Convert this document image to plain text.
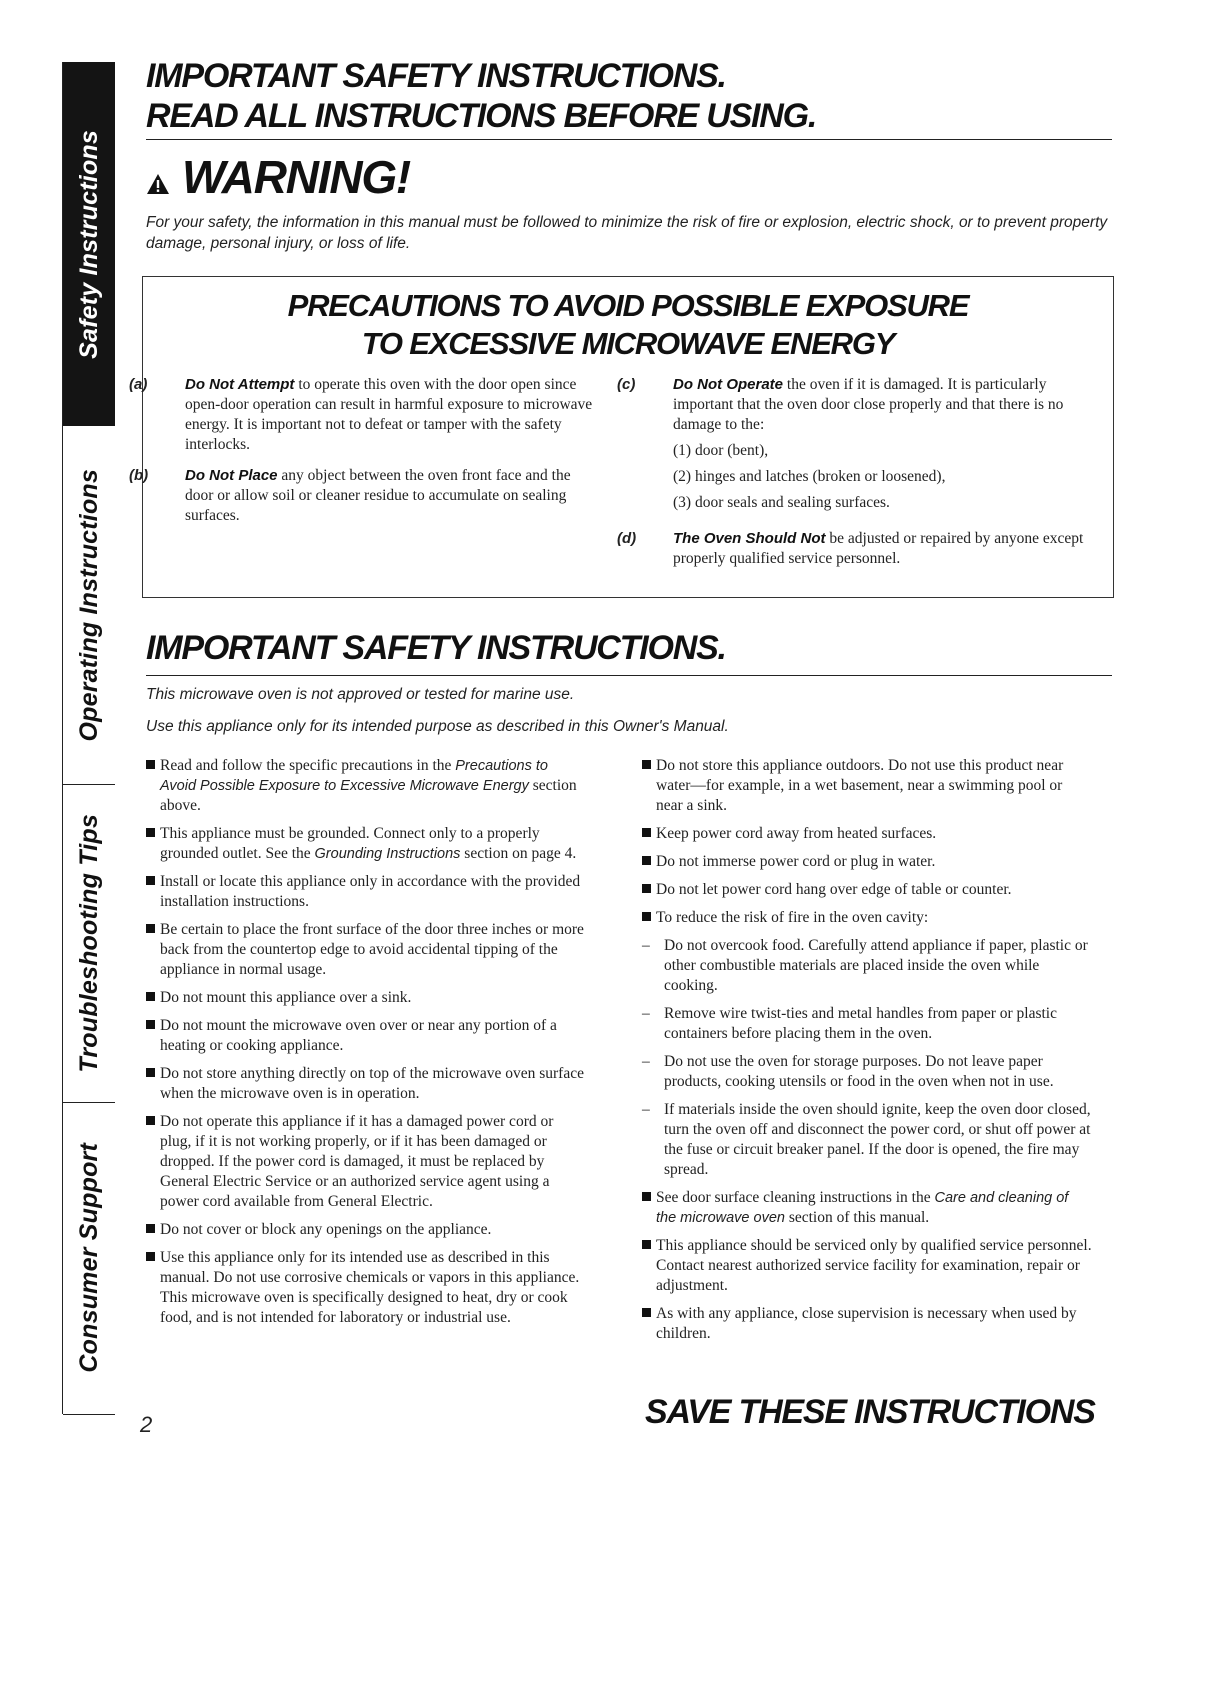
Safety Instructions
Operating Instructions
Troubleshooting Tips
Consumer Support
IMPORTANT SAFETY INSTRUCTIONS.
READ ALL INSTRUCTIONS BEFORE USING.
WARNING!
For your safety, the information in this manual must be followed to minimize the risk of fire or explosion, electric shock, or to prevent property damage, personal injury, or loss of life.
PRECAUTIONS TO AVOID POSSIBLE EXPOSURE
TO EXCESSIVE MICROWAVE ENERGY
(a)	Do Not Attempt to operate this oven with the door open since open-door operation can result in harmful exposure to microwave energy. It is important not to defeat or tamper with the safety interlocks.
(b) Do Not Place any object between the oven front face and the door or allow soil or cleaner residue to accumulate on sealing surfaces.
(c)	Do Not Operate the oven if it is damaged. It is particularly important that the oven door close properly and that there is no damage to the:
(1) door (bent),
(2) hinges and latches (broken or loosened),
(3) door seals and sealing surfaces.
(d) The Oven Should Not be adjusted or repaired by anyone except properly qualified service personnel.
IMPORTANT SAFETY INSTRUCTIONS.
This microwave oven is not approved or tested for marine use.
Use this appliance only for its intended purpose as described in this Owner's Manual.
Read and follow the specific precautions in the Precautions to Avoid Possible Exposure to Excessive Microwave Energy section above.
This appliance must be grounded. Connect only to a properly grounded outlet. See the Grounding Instructions section on page 4.
Install or locate this appliance only in accordance with the provided installation instructions.
Be certain to place the front surface of the door three inches or more back from the countertop edge to avoid accidental tipping of the appliance in normal usage.
Do not mount this appliance over a sink.
Do not mount the microwave oven over or near any portion of a heating or cooking appliance.
Do not store anything directly on top of the microwave oven surface when the microwave oven is in operation.
Do not operate this appliance if it has a damaged power cord or plug, if it is not working properly, or if it has been damaged or dropped. If the power cord is damaged, it must be replaced by General Electric Service or an authorized service agent using a power cord available from General Electric.
Do not cover or block any openings on the appliance.
Use this appliance only for its intended use as described in this manual. Do not use corrosive chemicals or vapors in this appliance. This microwave oven is specifically designed to heat, dry or cook food, and is not intended for laboratory or industrial use.
Do not store this appliance outdoors. Do not use this product near water—for example, in a wet basement, near a swimming pool or near a sink.
Keep power cord away from heated surfaces.
Do not immerse power cord or plug in water.
Do not let power cord hang over edge of table or counter.
To reduce the risk of fire in the oven cavity:
– Do not overcook food. Carefully attend appliance if paper, plastic or other combustible materials are placed inside the oven while cooking.
– Remove wire twist-ties and metal handles from paper or plastic containers before placing them in the oven.
– Do not use the oven for storage purposes. Do not leave paper products, cooking utensils or food in the oven when not in use.
– If materials inside the oven should ignite, keep the oven door closed, turn the oven off and disconnect the power cord, or shut off power at the fuse or circuit breaker panel. If the door is opened, the fire may spread.
See door surface cleaning instructions in the Care and cleaning of the microwave oven section of this manual.
This appliance should be serviced only by qualified service personnel. Contact nearest authorized service facility for examination, repair or adjustment.
As with any appliance, close supervision is necessary when used by children.
2	SAVE THESE INSTRUCTIONS
